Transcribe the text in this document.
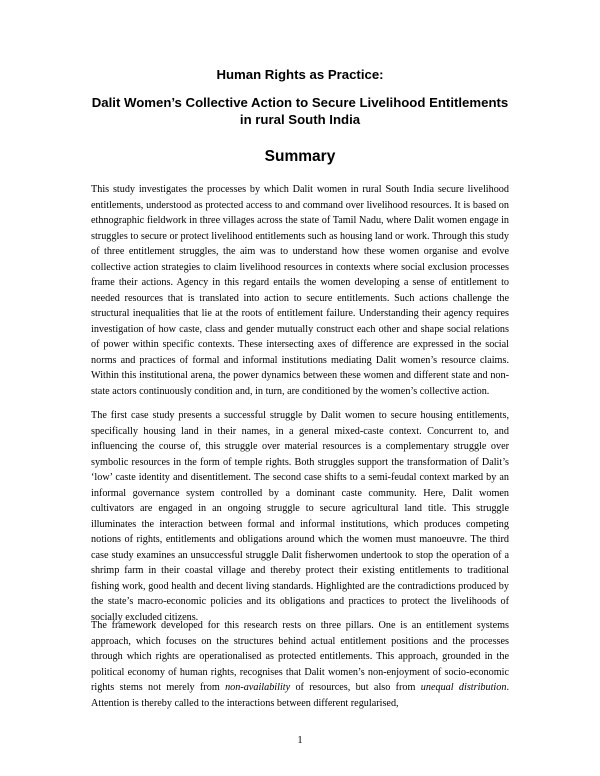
Human Rights as Practice:
Dalit Women’s Collective Action to Secure Livelihood Entitlements
in rural South India
Summary

This study investigates the processes by which Dalit women in rural South India secure livelihood entitlements, understood as protected access to and command over livelihood resources. It is based on ethnographic fieldwork in three villages across the state of Tamil Nadu, where Dalit women engage in struggles to secure or protect livelihood entitlements such as housing land or work. Through this study of three entitlement struggles, the aim was to understand how these women organise and evolve collective action strategies to claim livelihood resources in contexts where social exclusion processes frame their actions. Agency in this regard entails the women developing a sense of entitlement to needed resources that is translated into action to secure entitlements. Such actions challenge the structural inequalities that lie at the roots of entitlement failure. Understanding their agency requires investigation of how caste, class and gender mutually construct each other and shape social relations of power within specific contexts. These intersecting axes of difference are expressed in the social norms and practices of formal and informal institutions mediating Dalit women’s resource claims. Within this institutional arena, the power dynamics between these women and different state and non-state actors continuously condition and, in turn, are conditioned by the women’s collective action.

The first case study presents a successful struggle by Dalit women to secure housing entitlements, specifically housing land in their names, in a general mixed-caste context. Concurrent to, and influencing the course of, this struggle over material resources is a complementary struggle over symbolic resources in the form of temple rights. Both struggles support the transformation of Dalit’s ‘low’ caste identity and disentitlement. The second case shifts to a semi-feudal context marked by an informal governance system controlled by a dominant caste community. Here, Dalit women cultivators are engaged in an ongoing struggle to secure agricultural land title. This struggle illuminates the interaction between formal and informal institutions, which produces competing notions of rights, entitlements and obligations around which the women must manoeuvre. The third case study examines an unsuccessful struggle Dalit fisherwomen undertook to stop the operation of a shrimp farm in their coastal village and thereby protect their existing entitlements to traditional fishing work, good health and decent living standards. Highlighted are the contradictions produced by the state’s macro-economic policies and its obligations and practices to protect the livelihoods of socially excluded citizens.

The framework developed for this research rests on three pillars. One is an entitlement systems approach, which focuses on the structures behind actual entitlement positions and the processes through which rights are operationalised as protected entitlements. This approach, grounded in the political economy of human rights, recognises that Dalit women’s non-enjoyment of socio-economic rights stems not merely from non-availability of resources, but also from unequal distribution. Attention is thereby called to the interactions between different regularised,

1
